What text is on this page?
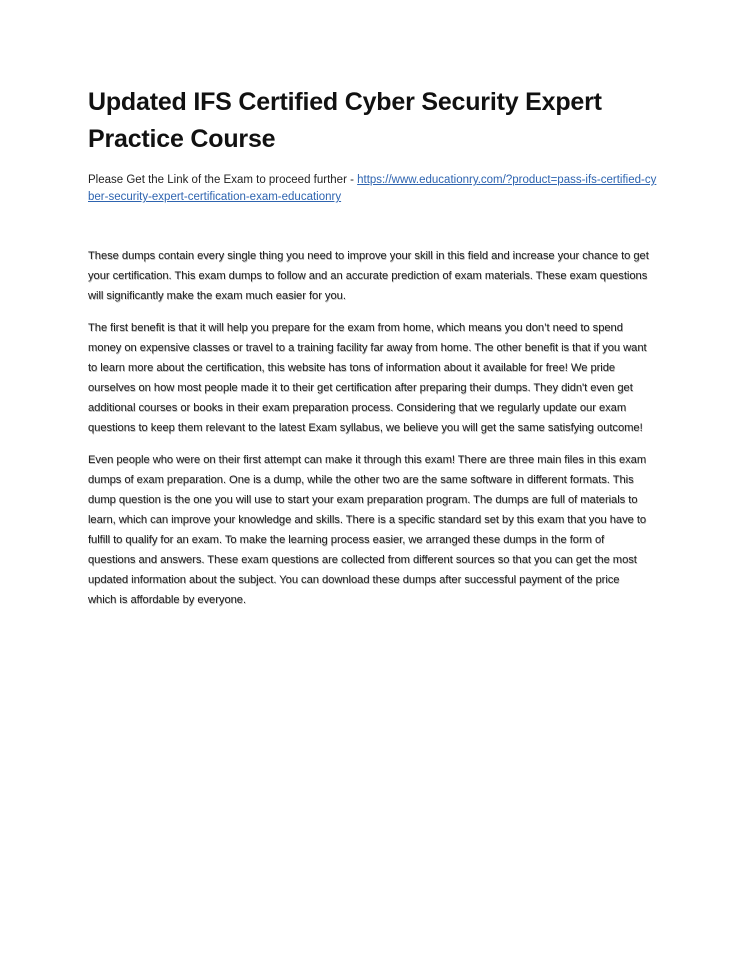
Updated IFS Certified Cyber Security Expert Practice Course

Please Get the Link of the Exam to proceed further - https://www.educationry.com/?product=pass-ifs-certified-cyber-security-expert-certification-exam-educationry

These dumps contain every single thing you need to improve your skill in this field and increase your chance to get your certification. This exam dumps to follow and an accurate prediction of exam materials. These exam questions will significantly make the exam much easier for you.

The first benefit is that it will help you prepare for the exam from home, which means you don’t need to spend money on expensive classes or travel to a training facility far away from home. The other benefit is that if you want to learn more about the certification, this website has tons of information about it available for free! We pride ourselves on how most people made it to their get certification after preparing their dumps. They didn't even get additional courses or books in their exam preparation process. Considering that we regularly update our exam questions to keep them relevant to the latest Exam syllabus, we believe you will get the same satisfying outcome!

Even people who were on their first attempt can make it through this exam! There are three main files in this exam dumps of exam preparation. One is a dump, while the other two are the same software in different formats. This dump question is the one you will use to start your exam preparation program. The dumps are full of materials to learn, which can improve your knowledge and skills. There is a specific standard set by this exam that you have to fulfill to qualify for an exam. To make the learning process easier, we arranged these dumps in the form of questions and answers. These exam questions are collected from different sources so that you can get the most updated information about the subject. You can download these dumps after successful payment of the price which is affordable by everyone.
